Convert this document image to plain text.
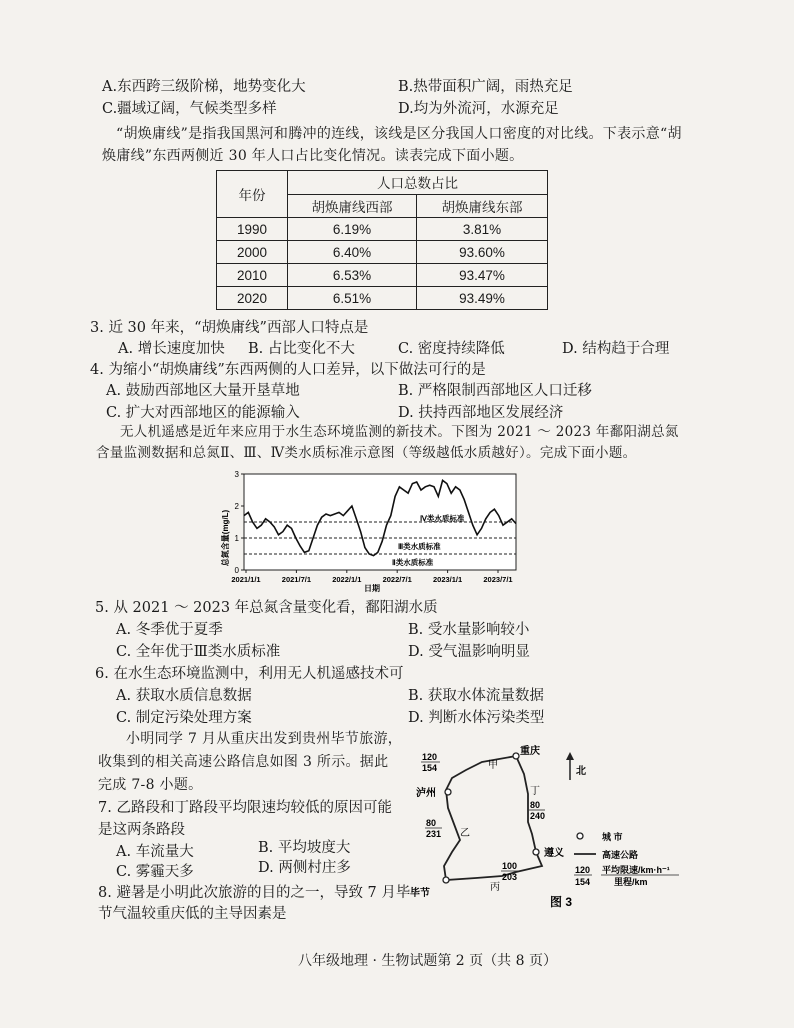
A.东西跨三级阶梯，地势变化大	B.热带面积广阔，雨热充足
C.疆域辽阔，气候类型多样	D.均为外流河，水源充足
“胡焕庸线”是指我国黑河和腾冲的连线，该线是区分我国人口密度的对比线。下表示意“胡
焕庸线”东西两侧近 30 年人口占比变化情况。读表完成下面小题。
年份	人口总数占比	
	胡焕庸线西部	胡焕庸线东部
1990	6.19%	3.81%
2000	6.40%	93.60%
2010	6.53%	93.47%
2020	6.51%	93.49%
3. 近 30 年来，“胡焕庸线”西部人口特点是
A. 增长速度加快 B. 占比变化不大	C. 密度持续降低	D. 结构趋于合理
4. 为缩小“胡焕庸线”东西两侧的人口差异，以下做法可行的是
A. 鼓励西部地区大量开垦草地	B. 严格限制西部地区人口迁移
C. 扩大对西部地区的能源输入	D. 扶持西部地区发展经济
无人机遥感是近年来应用于水生态环境监测的新技术。下图为 2021 ～ 2023 年鄱阳湖总氮
含量监测数据和总氮Ⅱ、Ⅲ、Ⅳ类水质标准示意图（等级越低水质越好）。完成下面小题。
总氮含量(mg/L)
日期
0
1
2
3
2021/1/1	2021/7/1	2022/1/1	2022/7/1	2023/1/1	2023/7/1
Ⅳ类水质标准
Ⅲ类水质标准
Ⅱ类水质标准
5. 从 2021 ～ 2023 年总氮含量变化看，鄱阳湖水质
A. 冬季优于夏季	B. 受水量影响较小
C. 全年优于Ⅲ类水质标准	D. 受气温影响明显
6. 在水生态环境监测中，利用无人机遥感技术可
A. 获取水质信息数据	B. 获取水体流量数据
C. 制定污染处理方案	D. 判断水体污染类型
小明同学 7 月从重庆出发到贵州毕节旅游，
收集到的相关高速公路信息如图 3 所示。据此
完成 7-8 小题。
7. 乙路段和丁路段平均限速均较低的原因可能
是这两条路段
A. 车流量大	B. 平均坡度大
C. 雾霾天多	D. 两侧村庄多
8. 避暑是小明此次旅游的目的之一，导致 7 月毕
节气温较重庆低的主导因素是
重庆
泸州
遵义
毕节
甲
乙
丙
丁
120
154
80
240
80
231
100
203
北
城 市
高速公路
120
154
平均限速/km·h⁻¹
里程/km
图 3
八年级地理 · 生物试题第 2 页（共 8 页）
